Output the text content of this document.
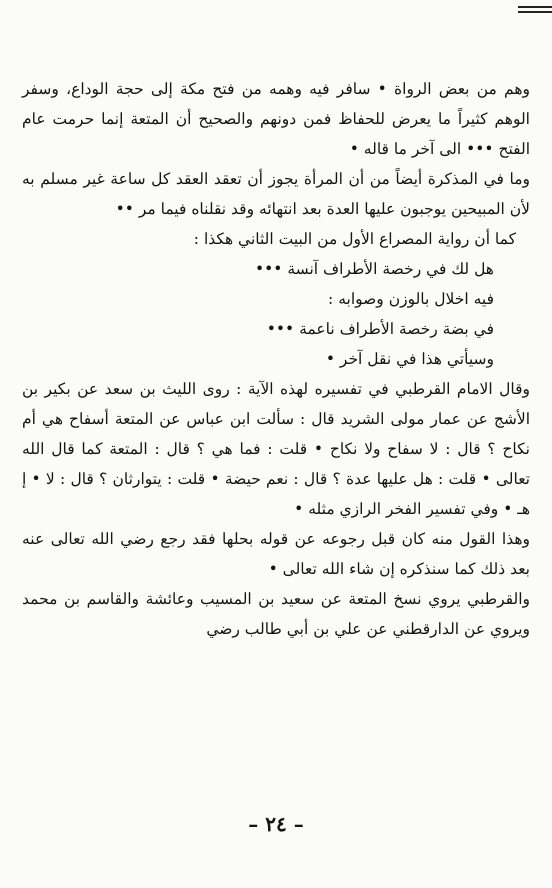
وهم من بعض الرواة • سافر فيه وهمه من فتح مكة إلى حجة الوداع، وسفر الوهم كثيراً ما يعرض للحفاظ فمن دونهم والصحيح أن المتعة إنما حرمت عام الفتح ••• الى آخر ما قاله •

وما في المذكرة أيضاً من أن المرأة يجوز أن تعقد العقد كل ساعة غير مسلم به لأن المبيحين يوجبون عليها العدة بعد انتهائه وقد نقلناه فيما مر ••

كما أن رواية المصراع الأول من البيت الثاني هكذا :

هل لك في رخصة الأطراف آنسة •••

فيه اخلال بالوزن وصوابه :

في بضة رخصة الأطراف ناعمة •••

وسيأتي هذا في نقل آخر •

وقال الامام القرطبي في تفسيره لهذه الآية : روى الليث بن سعد عن بكير بن الأشج عن عمار مولى الشريد قال : سألت ابن عباس عن المتعة أسفاح هي أم نكاح ؟ قال : لا سفاح ولا نكاح • قلت : فما هي ؟ قال : المتعة كما قال الله تعالى • قلت : هل عليها عدة ؟ قال : نعم حيضة • قلت : يتوارثان ؟ قال : لا • إ هـ • وفي تفسير الفخر الرازي مثله •

وهذا القول منه كان قبل رجوعه عن قوله بحلها فقد رجع رضي الله تعالى عنه بعد ذلك كما سنذكره إن شاء الله تعالى •

والقرطبي يروي نسخ المتعة عن سعيد بن المسيب وعائشة والقاسم بن محمد ويروي عن الدارقطني عن علي بن أبي طالب رضي

– ٢٤ –
